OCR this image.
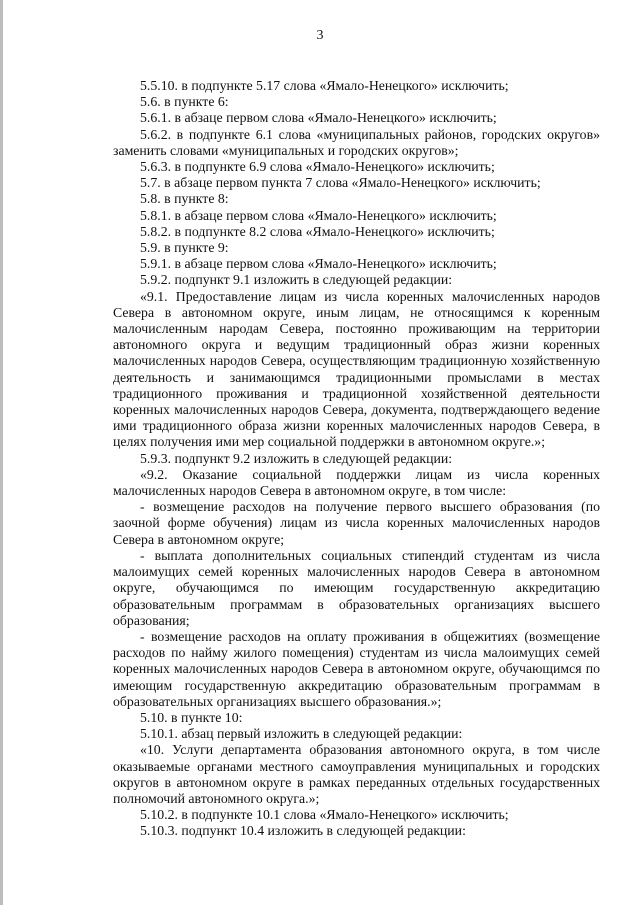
3

5.5.10. в подпункте 5.17 слова «Ямало-Ненецкого» исключить;

5.6. в пункте 6:

5.6.1. в абзаце первом слова «Ямало-Ненецкого» исключить;

5.6.2. в подпункте 6.1 слова «муниципальных районов, городских округов» заменить словами «муниципальных и городских округов»;

5.6.3. в подпункте 6.9 слова «Ямало-Ненецкого» исключить;

5.7. в абзаце первом пункта 7 слова «Ямало-Ненецкого» исключить;

5.8. в пункте 8:

5.8.1. в абзаце первом слова «Ямало-Ненецкого» исключить;

5.8.2. в подпункте 8.2 слова «Ямало-Ненецкого» исключить;

5.9. в пункте 9:

5.9.1. в абзаце первом слова «Ямало-Ненецкого» исключить;

5.9.2. подпункт 9.1 изложить в следующей редакции:

«9.1. Предоставление лицам из числа коренных малочисленных народов Севера в автономном округе, иным лицам, не относящимся к коренным малочисленным народам Севера, постоянно проживающим на территории автономного округа и ведущим традиционный образ жизни коренных малочисленных народов Севера, осуществляющим традиционную хозяйственную деятельность и занимающимся традиционными промыслами в местах традиционного проживания и традиционной хозяйственной деятельности коренных малочисленных народов Севера, документа, подтверждающего ведение ими традиционного образа жизни коренных малочисленных народов Севера, в целях получения ими мер социальной поддержки в автономном округе.»;

5.9.3. подпункт 9.2 изложить в следующей редакции:

«9.2. Оказание социальной поддержки лицам из числа коренных малочисленных народов Севера в автономном округе, в том числе:

- возмещение расходов на получение первого высшего образования (по заочной форме обучения) лицам из числа коренных малочисленных народов Севера в автономном округе;

- выплата дополнительных социальных стипендий студентам из числа малоимущих семей коренных малочисленных народов Севера в автономном округе, обучающимся по имеющим государственную аккредитацию образовательным программам в образовательных организациях высшего образования;

- возмещение расходов на оплату проживания в общежитиях (возмещение расходов по найму жилого помещения) студентам из числа малоимущих семей коренных малочисленных народов Севера в автономном округе, обучающимся по имеющим государственную аккредитацию образовательным программам в образовательных организациях высшего образования.»;

5.10. в пункте 10:

5.10.1. абзац первый изложить в следующей редакции:

«10. Услуги департамента образования автономного округа, в том числе оказываемые органами местного самоуправления муниципальных и городских округов в автономном округе в рамках переданных отдельных государственных полномочий автономного округа.»;

5.10.2. в подпункте 10.1 слова «Ямало-Ненецкого» исключить;

5.10.3. подпункт 10.4 изложить в следующей редакции:
